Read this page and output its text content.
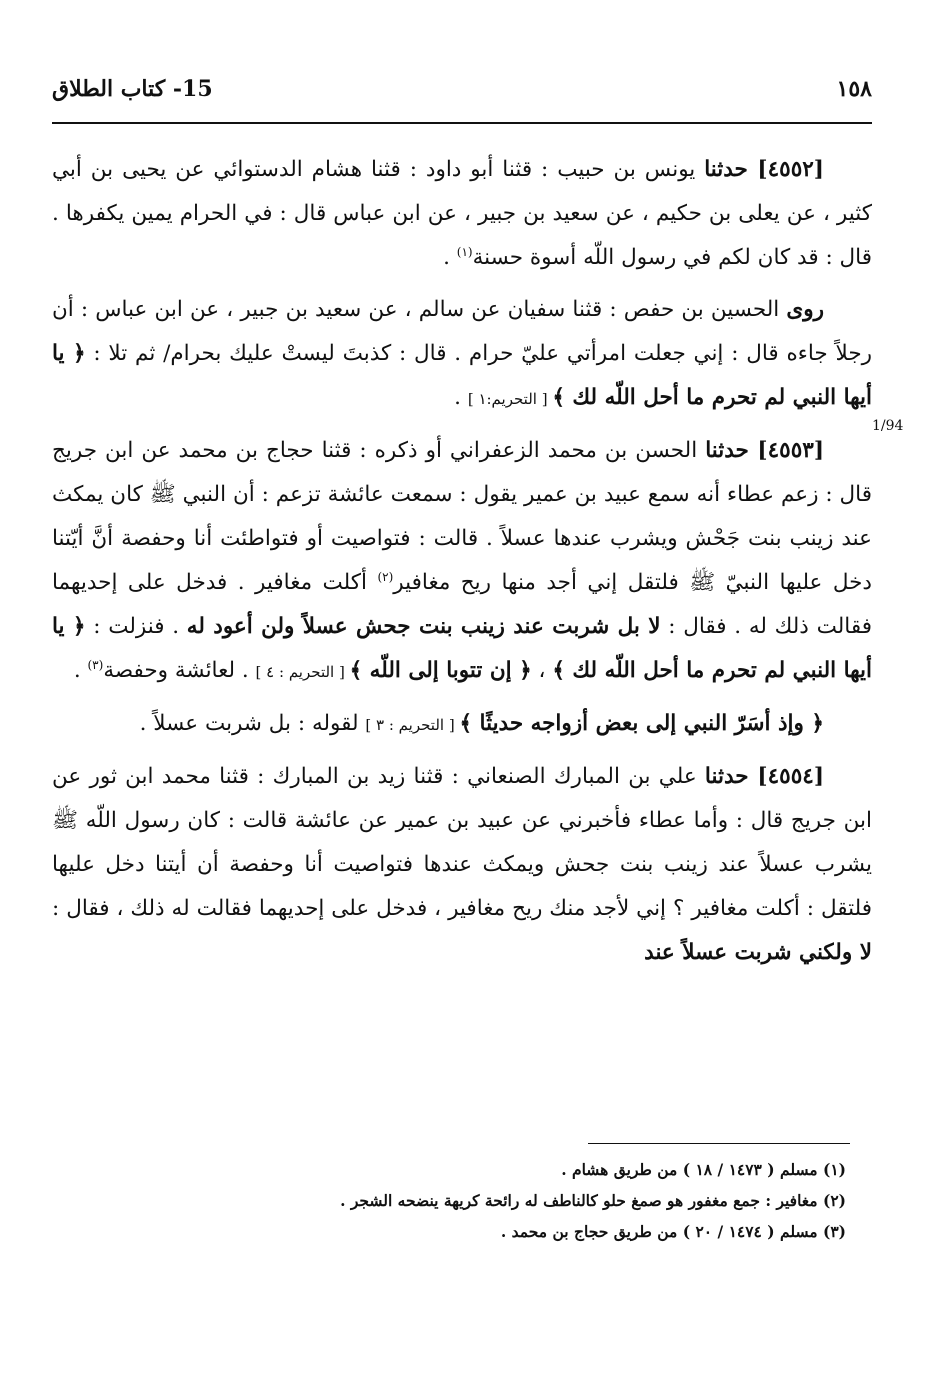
١٥٨
15- كتاب الطلاق
1/94

[٤٥٥٢] حدثنا يونس بن حبيب : قثنا أبو داود : قثنا هشام الدستوائي عن يحيى بن أبي كثير ، عن يعلى بن حكيم ، عن سعيد بن جبير ، عن ابن عباس قال : في الحرام يمين يكفرها . قال : قد كان لكم في رسول اللّه أسوة حسنة$^{(١)}$ .

روى الحسين بن حفص : قثنا سفيان عن سالم ، عن سعيد بن جبير ، عن ابن عباس : أن رجلاً جاءه قال : إني جعلت امرأتي عليّ حرام . قال : كذبتَ ليستْ عليك بحرام/ ثم تلا : ﴿ يا أيها النبي لم تحرم ما أحل اللّه لك ﴾ [ التحريم:١ ] .

[٤٥٥٣] حدثنا الحسن بن محمد الزعفراني أو ذكره : قثنا حجاج بن محمد عن ابن جريج قال : زعم عطاء أنه سمع عبيد بن عمير يقول : سمعت عائشة تزعم : أن النبي ﷺ كان يمكث عند زينب بنت جَحْش ويشرب عندها عسلاً . قالت : فتواصيت أو فتواطئت أنا وحفصة أنَّ أيّتنا دخل عليها النبيّ ﷺ فلتقل إني أجد منها ريح مغافير$^{(٢)}$ أكلت مغافير . فدخل على إحديهما فقالت ذلك له . فقال : لا بل شربت عند زينب بنت جحش عسلاً ولن أعود له . فنزلت : ﴿ يا أيها النبي لم تحرم ما أحل اللّه لك ﴾ ، ﴿ إن تتوبا إلى اللّه ﴾ [ التحريم : ٤ ] . لعائشة وحفصة$^{(٣)}$ .

﴿ وإذ أسَرّ النبي إلى بعض أزواجه حديثًا ﴾ [ التحريم : ٣ ] لقوله : بل شربت عسلاً .

[٤٥٥٤] حدثنا علي بن المبارك الصنعاني : قثنا زيد بن المبارك : قثنا محمد ابن ثور عن ابن جريج قال : وأما عطاء فأخبرني عن عبيد بن عمير عن عائشة قالت : كان رسول اللّه ﷺ يشرب عسلاً عند زينب بنت جحش ويمكث عندها فتواصيت أنا وحفصة أن أيتنا دخل عليها فلتقل : أكلت مغافير ؟ إني لأجد منك ريح مغافير ، فدخل على إحديهما فقالت له ذلك ، فقال : لا ولكني شربت عسلاً عند

(١) مسلم ( ١٤٧٣ / ١٨ ) من طريق هشام .

(٢) مغافير : جمع مغفور هو صمغ حلو كالناطف له رائحة كريهة ينضحه الشجر .

(٣) مسلم ( ١٤٧٤ / ٢٠ ) من طريق حجاج بن محمد .
